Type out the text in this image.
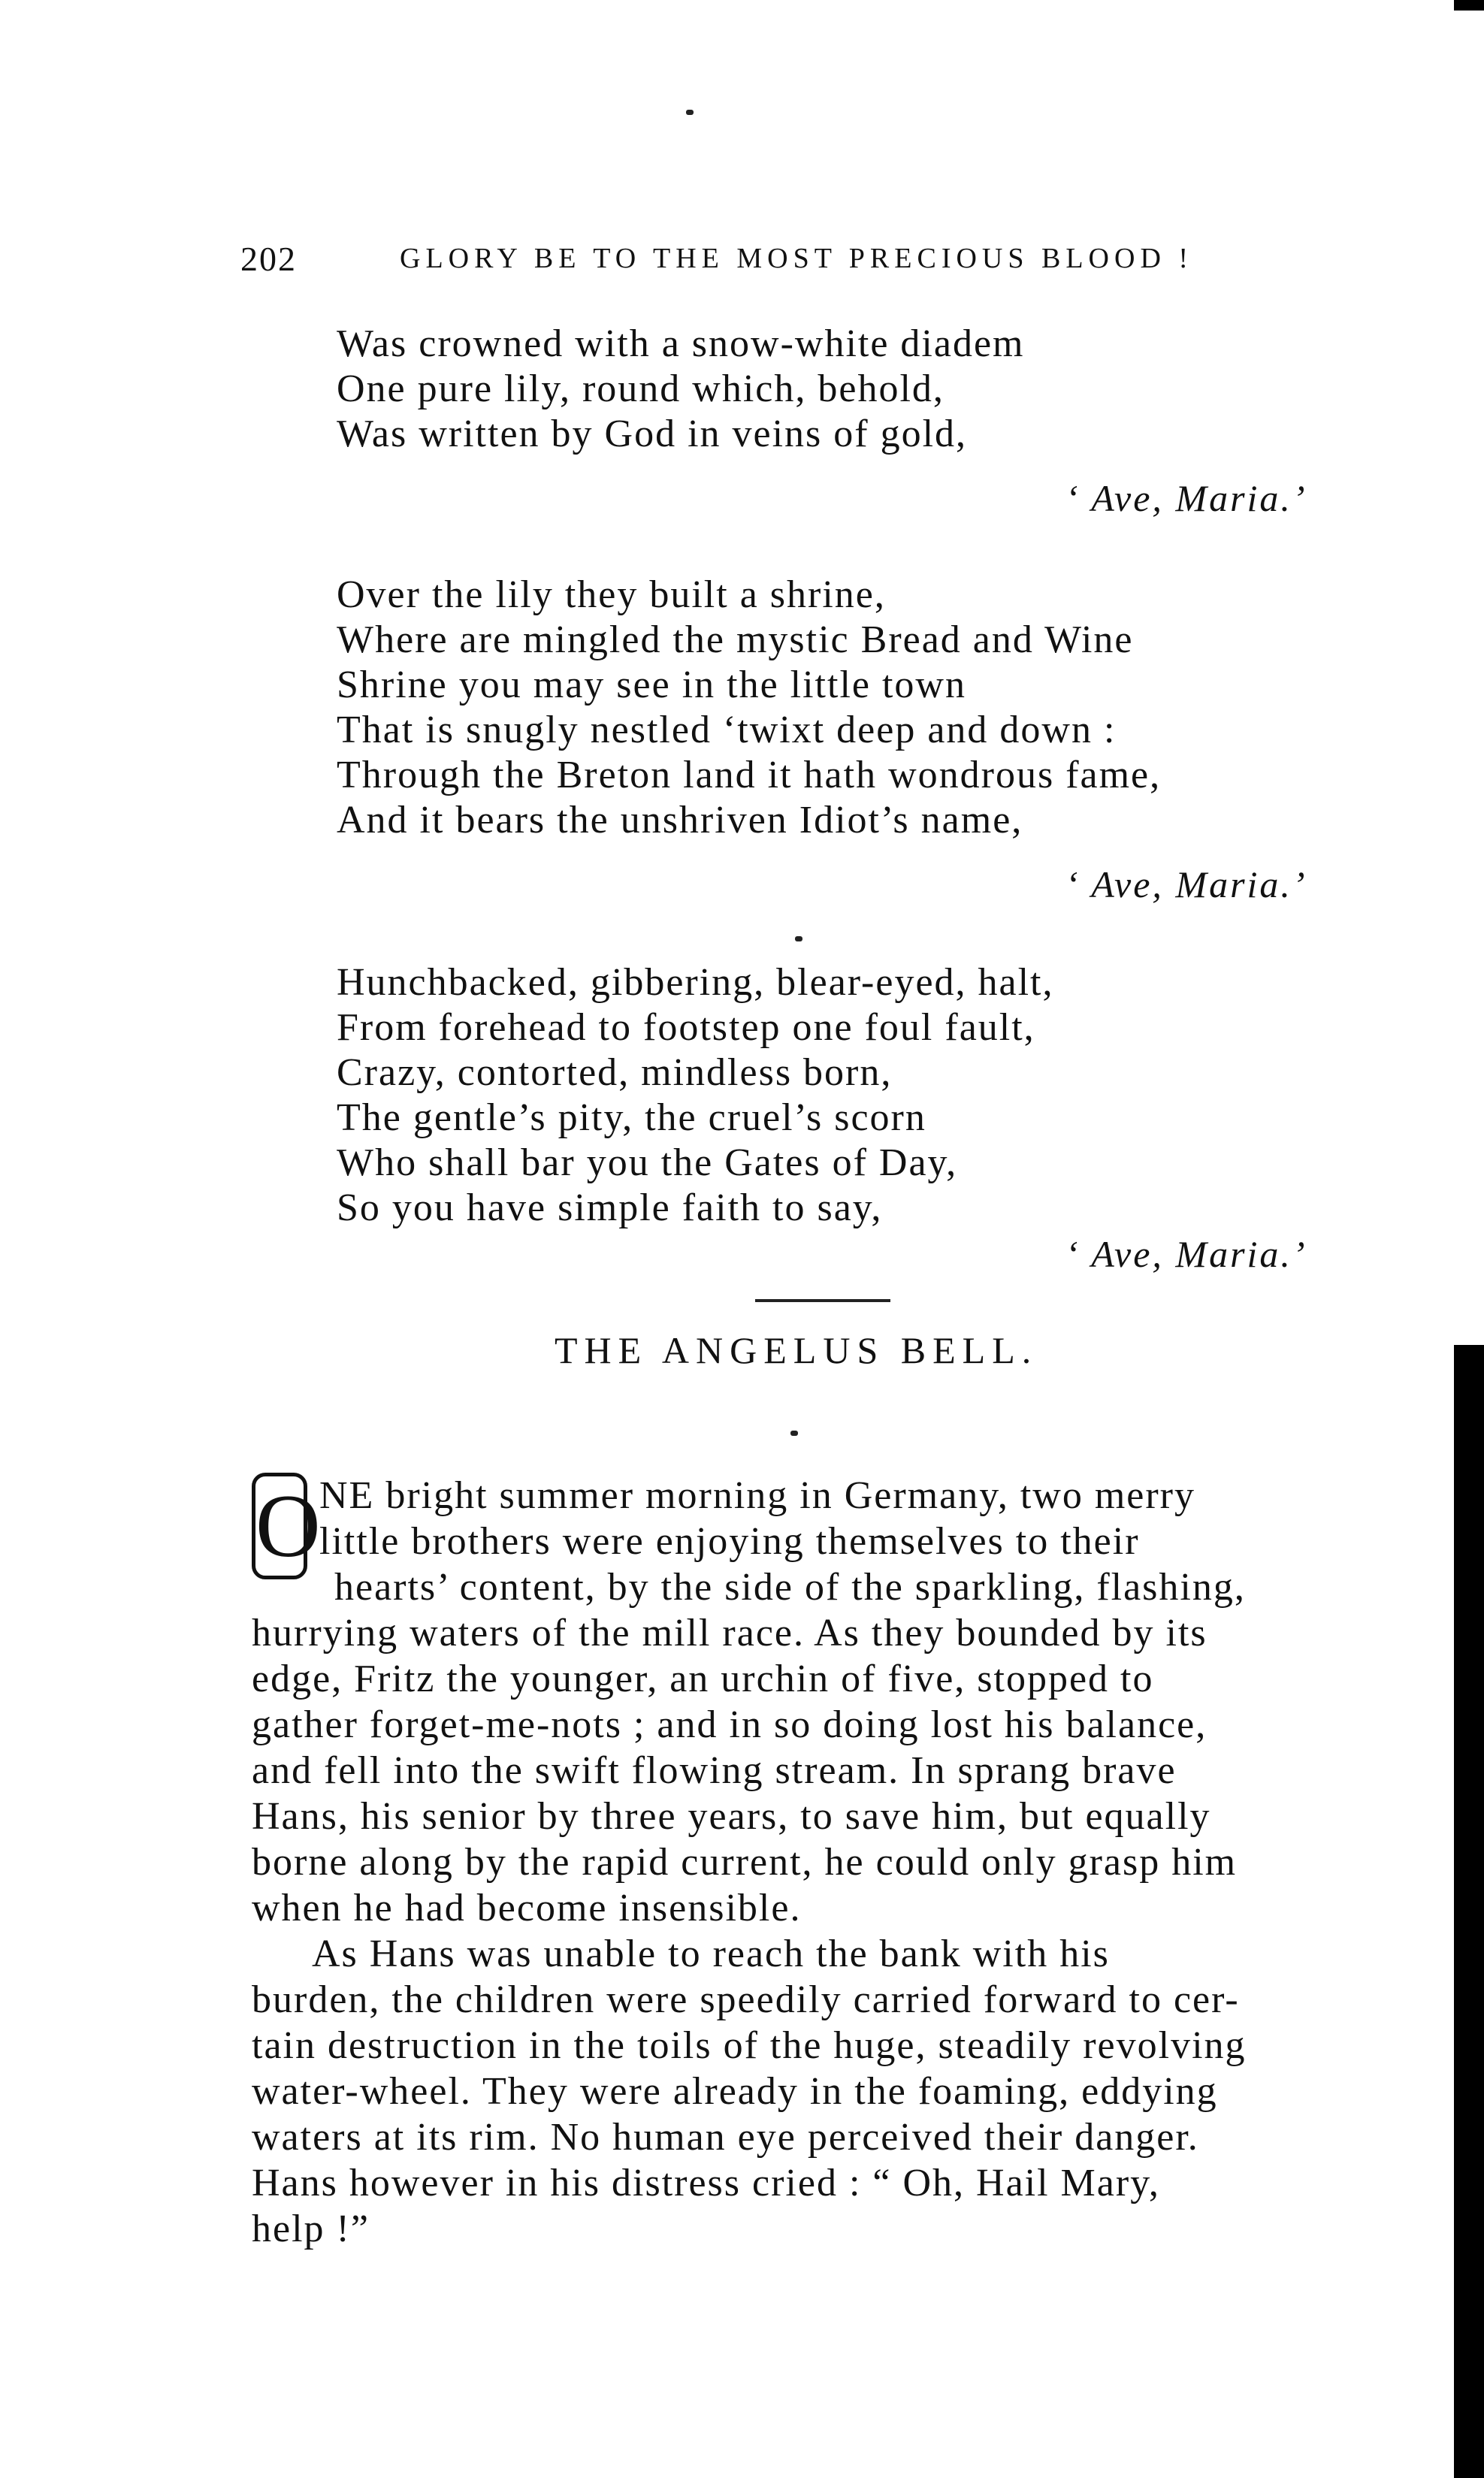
202	GLORY BE TO THE MOST PRECIOUS BLOOD !
Was crowned with a snow-white diadem
One pure lily, round which, behold,
Was written by God in veins of gold,
‘ Ave, Maria.’
Over the lily they built a shrine,
Where are mingled the mystic Bread and Wine
Shrine you may see in the little town
That is snugly nestled ‘twixt deep and down :
Through the Breton land it hath wondrous fame,
And it bears the unshriven Idiot’s name,
‘ Ave, Maria.’
Hunchbacked, gibbering, blear-eyed, halt,
From forehead to footstep one foul fault,
Crazy, contorted, mindless born,
The gentle’s pity, the cruel’s scorn
Who shall bar you the Gates of Day,
So you have simple faith to say,
‘ Ave, Maria.’
THE ANGELUS BELL.
O
NE bright summer morning in Germany, two merry
little brothers were enjoying themselves to their
hearts’ content, by the side of the sparkling, flashing,
hurrying waters of the mill race. As they bounded by its
edge, Fritz the younger, an urchin of five, stopped to
gather forget-me-nots ; and in so doing lost his balance,
and fell into the swift flowing stream. In sprang brave
Hans, his senior by three years, to save him, but equally
borne along by the rapid current, he could only grasp him
when he had become insensible.
As Hans was unable to reach the bank with his
burden, the children were speedily carried forward to cer-
tain destruction in the toils of the huge, steadily revolving
water-wheel. They were already in the foaming, eddying
waters at its rim. No human eye perceived their danger.
Hans however in his distress cried : “ Oh, Hail Mary,
help !”
